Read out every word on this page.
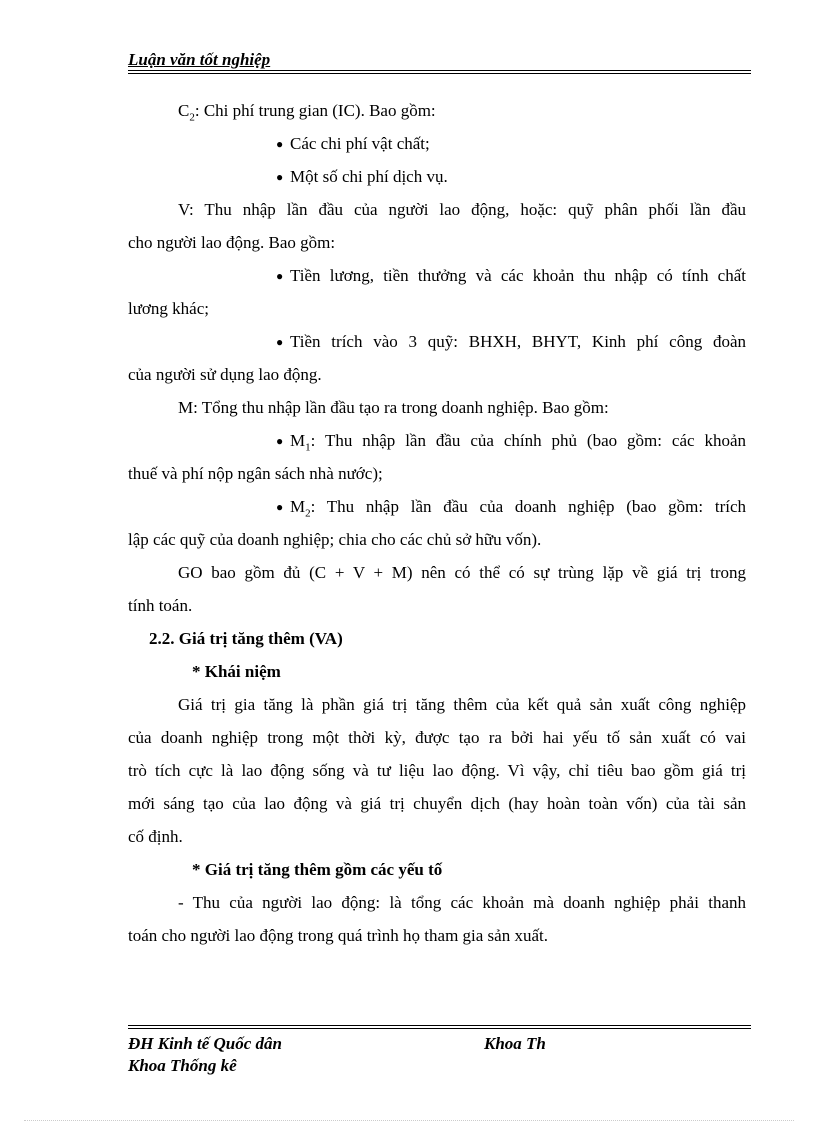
Luận văn tốt nghiệp
$C_2$: Chi phí trung gian (IC). Bao gồm:
● Các chi phí vật chất;
● Một số chi phí dịch vụ.
V: Thu nhập lần đầu của người lao động, hoặc: quỹ phân phối lần đầu
cho người lao động. Bao gồm:
● Tiền lương, tiền thưởng và các khoản thu nhập có tính chất
lương khác;
● Tiền trích vào 3 quỹ: BHXH, BHYT, Kinh phí công đoàn
của người sử dụng lao động.
M: Tổng thu nhập lần đầu tạo ra trong doanh nghiệp. Bao gồm:
● $M_1$: Thu nhập lần đầu của chính phủ (bao gồm: các khoản
thuế và phí nộp ngân sách nhà nước);
● $M_2$: Thu nhập lần đầu của doanh nghiệp (bao gồm: trích
lập các quỹ của doanh nghiệp; chia cho các chủ sở hữu vốn).
GO bao gồm đủ (C + V + M) nên có thể có sự trùng lặp về giá trị trong
tính toán.
2.2. Giá trị tăng thêm (VA)
* Khái niệm
Giá trị gia tăng là phần giá trị tăng thêm của kết quả sản xuất công nghiệp
của doanh nghiệp trong một thời kỳ, được tạo ra bởi hai yếu tố sản xuất có vai
trò tích cực là lao động sống và tư liệu lao động. Vì vậy, chỉ tiêu bao gồm giá trị
mới sáng tạo của lao động và giá trị chuyển dịch (hay hoàn toàn vốn) của tài sản
cố định.
* Giá trị tăng thêm gồm các yếu tố
- Thu của người lao động: là tổng các khoản mà doanh nghiệp phải thanh
toán cho người lao động trong quá trình họ tham gia sản xuất.
ĐH Kinh tế Quốc dân	Khoa Th
Khoa Thống kê
